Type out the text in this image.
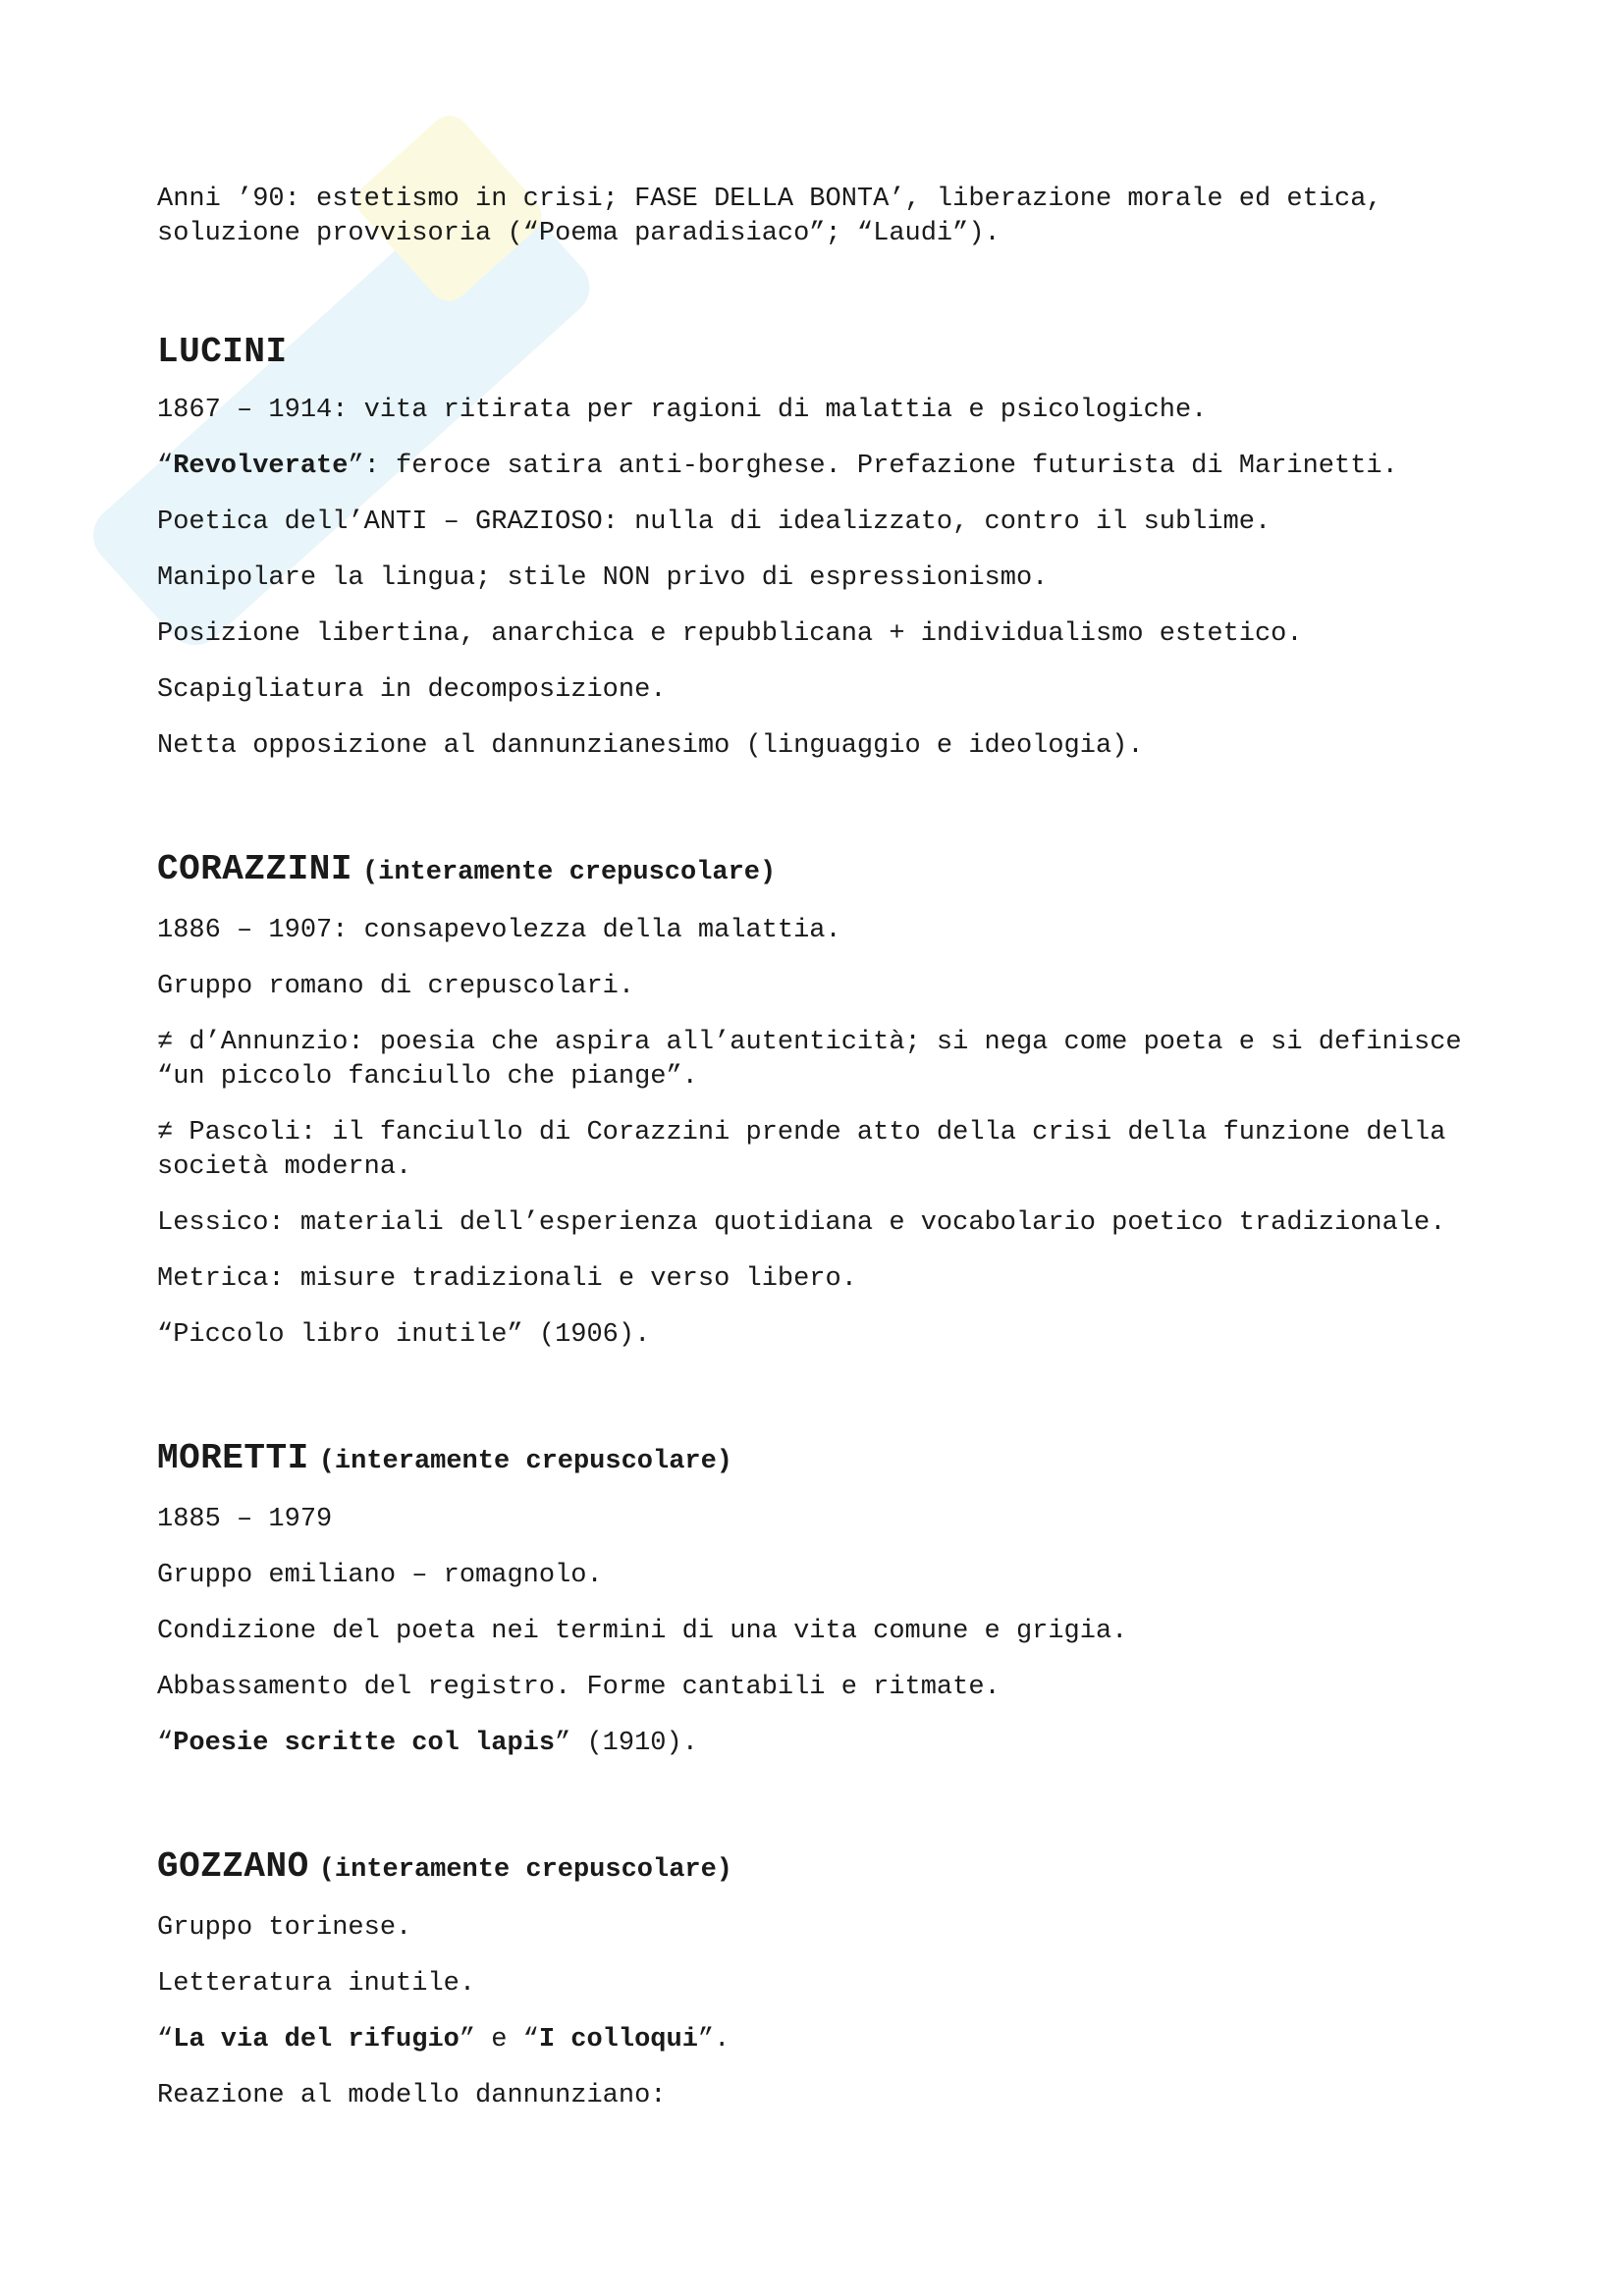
Anni ’90: estetismo in crisi; FASE DELLA BONTA’, liberazione morale ed etica, soluzione provvisoria (“Poema paradisiaco”; “Laudi”).

LUCINI

1867 – 1914: vita ritirata per ragioni di malattia e psicologiche.

“Revolverate”: feroce satira anti-borghese. Prefazione futurista di Marinetti.

Poetica dell’ANTI – GRAZIOSO: nulla di idealizzato, contro il sublime.

Manipolare la lingua; stile NON privo di espressionismo.

Posizione libertina, anarchica e repubblicana + individualismo estetico.

Scapigliatura in decomposizione.

Netta opposizione al dannunzianesimo (linguaggio e ideologia).

CORAZZINI (interamente crepuscolare)

1886 – 1907: consapevolezza della malattia.

Gruppo romano di crepuscolari.

≠ d’Annunzio: poesia che aspira all’autenticità; si nega come poeta e si definisce “un piccolo fanciullo che piange”.

≠ Pascoli: il fanciullo di Corazzini prende atto della crisi della funzione della società moderna.

Lessico: materiali dell’esperienza quotidiana e vocabolario poetico tradizionale.

Metrica: misure tradizionali e verso libero.

“Piccolo libro inutile” (1906).

MORETTI (interamente crepuscolare)

1885 – 1979

Gruppo emiliano – romagnolo.

Condizione del poeta nei termini di una vita comune e grigia.

Abbassamento del registro. Forme cantabili e ritmate.

“Poesie scritte col lapis” (1910).

GOZZANO (interamente crepuscolare)

Gruppo torinese.

Letteratura inutile.

“La via del rifugio” e “I colloqui”.

Reazione al modello dannunziano:
